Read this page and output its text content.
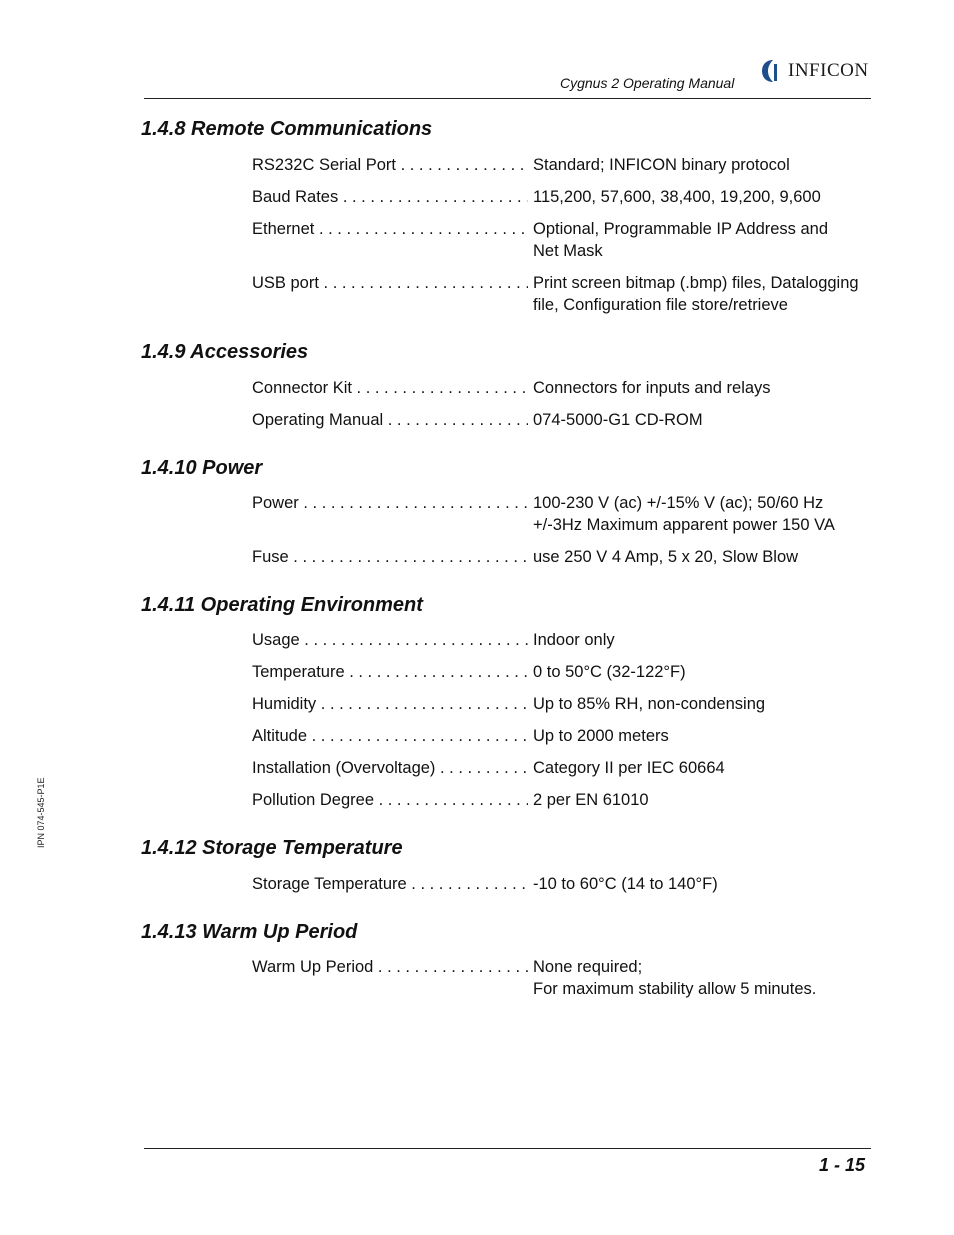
Cygnus 2 Operating Manual
INFICON
IPN 074-545-P1E
1.4.8 Remote Communications
RS232C Serial Port . . .	Standard; INFICON binary protocol
Baud Rates . . .	115,200, 57,600, 38,400, 19,200, 9,600
Ethernet . . .	Optional, Programmable IP Address and
Net Mask
USB port . . .	Print screen bitmap (.bmp) files, Datalogging
file, Configuration file store/retrieve
1.4.9 Accessories
Connector Kit . . .	Connectors for inputs and relays
Operating Manual . . .	074-5000-G1 CD-ROM
1.4.10 Power
Power . . .	100-230 V (ac) +/-15% V (ac); 50/60 Hz
+/-3Hz Maximum apparent power 150 VA
Fuse . . .	use 250 V 4 Amp, 5 x 20, Slow Blow
1.4.11 Operating Environment
Usage . . .	Indoor only
Temperature . . .	0 to 50°C (32-122°F)
Humidity . . .	Up to 85% RH, non-condensing
Altitude . . .	Up to 2000 meters
Installation (Overvoltage) . . .	Category II per IEC 60664
Pollution Degree . . .	2 per EN 61010
1.4.12 Storage Temperature
Storage Temperature . . .	-10 to 60°C (14 to 140°F)
1.4.13 Warm Up Period
Warm Up Period . . .	None required;
For maximum stability allow 5 minutes.
1 - 15
